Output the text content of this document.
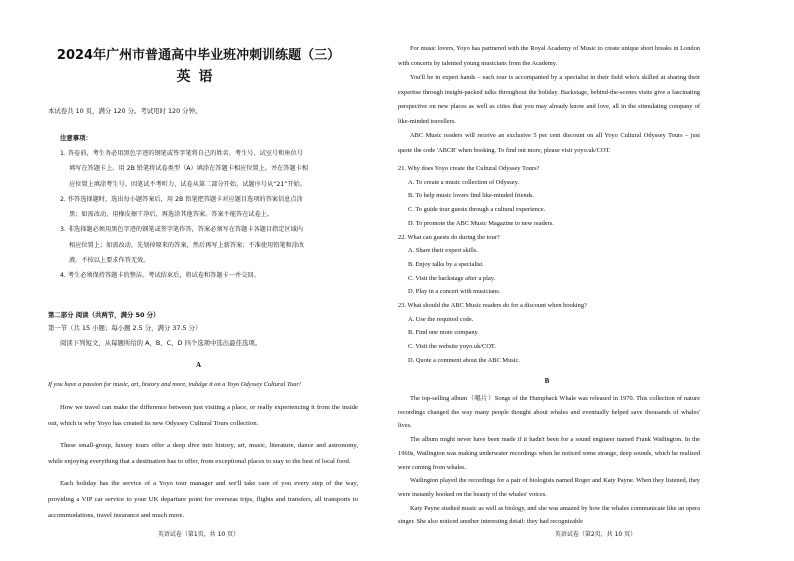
2024年广州市普通高中毕业班冲刺训练题（三）
英语
本试卷共 10 页，满分 120 分。考试用时 120 分钟。
注意事项：

1. 答卷前，考生务必用黑色字迹的钢笔或签字笔将自己的姓名、考生号、试室号和座位号

填写在答题卡上。用 2B 铅笔将试卷类型（A）填涂在答题卡相应位置上。并在答题卡相

应位置上填涂考生号。因笔试不考听力，试卷从第二部分开始，试题序号从“21”开始。

2. 作答选择题时，选出每小题答案后，用 2B 铅笔把答题卡对应题目选项的答案信息点涂

黑；如需改动，用橡皮擦干净后，再选涂其他答案。答案不能答在试卷上。

3. 非选择题必须用黑色字迹的钢笔或签字笔作答，答案必须写在答题卡各题目指定区域内

相应位置上；如需改动，先划掉原来的答案，然后再写上新答案；不准使用铅笔和涂改

液。不按以上要求作答无效。

4. 考生必须保持答题卡的整洁。考试结束后，将试卷和答题卡一并交回。

第二部分 阅读（共两节，满分 50 分）
第一节（共 15 小题；每小题 2.5 分，满分 37.5 分）
阅读下列短文，从每题所给的 A、B、C、D 四个选项中选出最佳选项。
A
If you have a passion for music, art, history and more, indulge it on a Yoyo Odyssey Cultural Tour!

How we travel can make the difference between just visiting a place, or really experiencing it from the inside out, which is why Yoyo has created its new Odyssey Cultural Tours collection.

These small-group, luxury tours offer a deep dive into history, art, music, literature, dance and astronomy, while enjoying everything that a destination has to offer, from exceptional places to stay to the best of local food.

Each holiday has the service of a Yoyo tour manager and we'll take care of you every step of the way, providing a VIP car service to your UK departure point for overseas trips, flights and transfers, all transports to accommodations, travel insurance and much more.

英语试卷（第1页，共 10 页）	英语试卷（第2页，共 10 页）

For music lovers, Yoyo has partnered with the Royal Academy of Music to create unique short breaks in London with concerts by talented young musicians from the Academy.

You'll be in expert hands – each tour is accompanied by a specialist in their field who's skilled at sharing their expertise through insight-packed talks throughout the holiday. Backstage, behind-the-scenes visits give a fascinating perspective on new places as well as cities that you may already know and love, all in the stimulating company of like-minded travellers.

ABC Music readers will receive an exclusive 5 per cent discount on all Yoyo Cultural Odyssey Tours – just quote the code 'ABCR' when booking. To find out more, please visit yoyo.uk/COT.

21. Why does Yoyo create the Cultural Odyssey Tours?

A. To create a music collection of Odyssey.

B. To help music lovers find like-minded friends.

C. To guide tour guests through a cultural experience.

D. To promote the ABC Music Magazine to new readers.

22. What can guests do during the tour?

A. Share their expert skills.

B. Enjoy talks by a specialist.

C. Visit the backstage after a play.

D. Play in a concert with musicians.

23. What should the ABC Music readers do for a discount when booking?

A. Use the required code.

B. Find one more company.

C. Visit the website yoyo.uk/COT.

D. Quote a comment about the ABC Music.

B

The top-selling album（唱片）Songs of the Humpback Whale was released in 1970. This collection of nature recordings changed the way many people thought about whales and eventually helped save thousands of whales' lives.

The album might never have been made if it hadn't been for a sound engineer named Frank Watlington. In the 1960s, Watlington was making underwater recordings when he noticed some strange, deep sounds, which he realized were coming from whales.

Watlington played the recordings for a pair of biologists named Roger and Katy Payne. When they listened, they were instantly hooked on the beauty of the whales' voices.

Katy Payne studied music as well as biology, and she was amazed by how the whales communicate like an opera singer. She also noticed another interesting detail: they had recognizable
